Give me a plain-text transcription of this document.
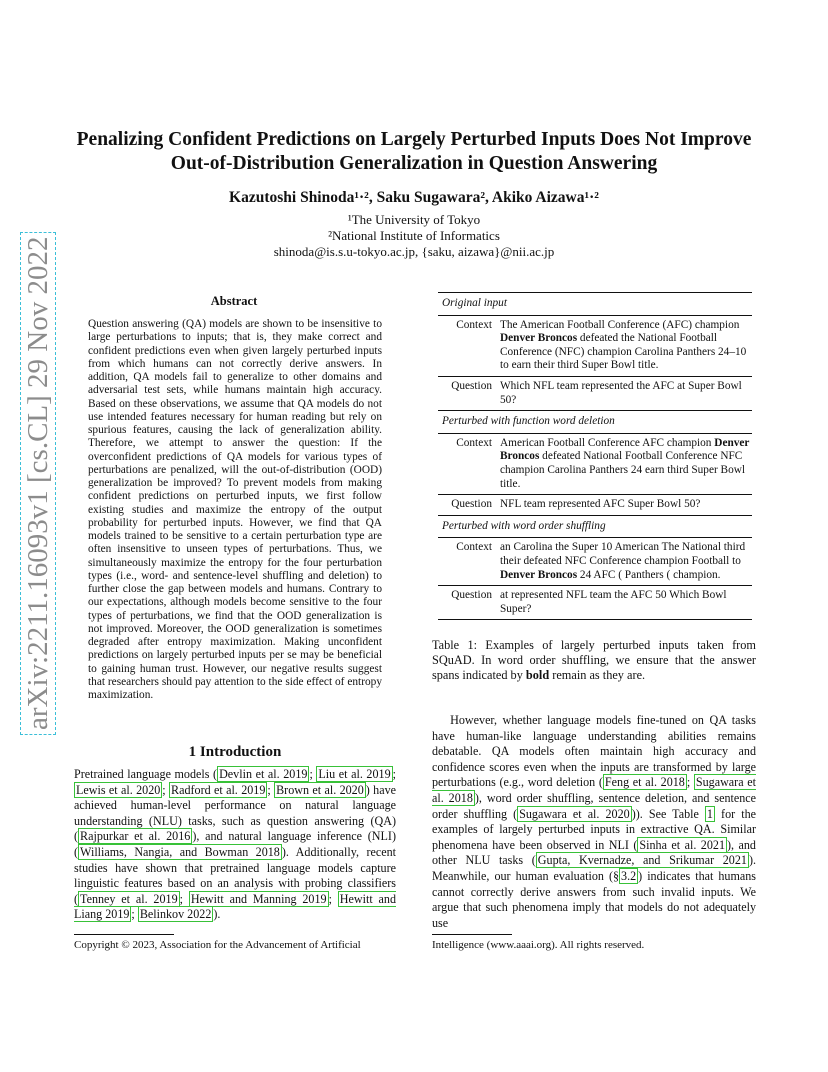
arXiv:2211.16093v1 [cs.CL] 29 Nov 2022
Penalizing Confident Predictions on Largely Perturbed Inputs Does Not Improve Out-of-Distribution Generalization in Question Answering
Kazutoshi Shinoda¹·², Saku Sugawara², Akiko Aizawa¹·²
¹The University of Tokyo
²National Institute of Informatics
shinoda@is.s.u-tokyo.ac.jp, {saku, aizawa}@nii.ac.jp
Abstract
Question answering (QA) models are shown to be insensitive to large perturbations to inputs; that is, they make correct and confident predictions even when given largely perturbed inputs from which humans can not correctly derive answers. In addition, QA models fail to generalize to other domains and adversarial test sets, while humans maintain high accuracy. Based on these observations, we assume that QA models do not use intended features necessary for human reading but rely on spurious features, causing the lack of generalization ability. Therefore, we attempt to answer the question: If the overconfident predictions of QA models for various types of perturbations are penalized, will the out-of-distribution (OOD) generalization be improved? To prevent models from making confident predictions on perturbed inputs, we first follow existing studies and maximize the entropy of the output probability for perturbed inputs. However, we find that QA models trained to be sensitive to a certain perturbation type are often insensitive to unseen types of perturbations. Thus, we simultaneously maximize the entropy for the four perturbation types (i.e., word- and sentence-level shuffling and deletion) to further close the gap between models and humans. Contrary to our expectations, although models become sensitive to the four types of perturbations, we find that the OOD generalization is not improved. Moreover, the OOD generalization is sometimes degraded after entropy maximization. Making unconfident predictions on largely perturbed inputs per se may be beneficial to gaining human trust. However, our negative results suggest that researchers should pay attention to the side effect of entropy maximization.
1 Introduction
Pretrained language models ( Devlin et al. 2019 ; Liu et al. 2019 ; Lewis et al. 2020 ; Radford et al. 2019 ; Brown et al. 2020 ) have achieved human-level performance on natural language understanding (NLU) tasks, such as question answering (QA) ( Rajpurkar et al. 2016 ), and natural language inference (NLI) ( Williams, Nangia, and Bowman 2018 ). Additionally, recent studies have shown that pretrained language models capture linguistic features based on an analysis with probing classifiers ( Tenney et al. 2019 ; Hewitt and Manning 2019 ; Hewitt and Liang 2019 ; Belinkov 2022 ).
Copyright © 2023, Association for the Advancement of Artificial	Intelligence (www.aaai.org). All rights reserved.
Original input	
Context	The American Football Conference (AFC) champion Denver Broncos defeated the National Football Conference (NFC) champion Carolina Panthers 24–10 to earn their third Super Bowl title.
Question	Which NFL team represented the AFC at Super Bowl 50?
Perturbed with function word deletion	
Context	American Football Conference AFC champion Denver Broncos defeated National Football Conference NFC champion Carolina Panthers 24 earn third Super Bowl title.
Question	NFL team represented AFC Super Bowl 50?
Perturbed with word order shuffling	
Context	an Carolina the Super 10 American The National third their defeated NFC Conference champion Football to Denver Broncos 24 AFC ( Panthers ( champion.
Question	at represented NFL team the AFC 50 Which Bowl Super?
Table 1: Examples of largely perturbed inputs taken from SQuAD. In word order shuffling, we ensure that the answer spans indicated by bold remain as they are.
  However, whether language models fine-tuned on QA tasks have human-like language understanding abilities remains debatable. QA models often maintain high accuracy and confidence scores even when the inputs are transformed by large perturbations (e.g., word deletion ( Feng et al. 2018 ; Sugawara et al. 2018 ), word order shuffling, sentence deletion, and sentence order shuffling ( Sugawara et al. 2020 )). See Table 1 for the examples of largely perturbed inputs in extractive QA. Similar phenomena have been observed in NLI ( Sinha et al. 2021 ), and other NLU tasks ( Gupta, Kvernadze, and Srikumar 2021 ). Meanwhile, our human evaluation (§ 3.2 ) indicates that humans cannot correctly derive answers from such invalid inputs. We argue that such phenomena imply that models do not adequately use
